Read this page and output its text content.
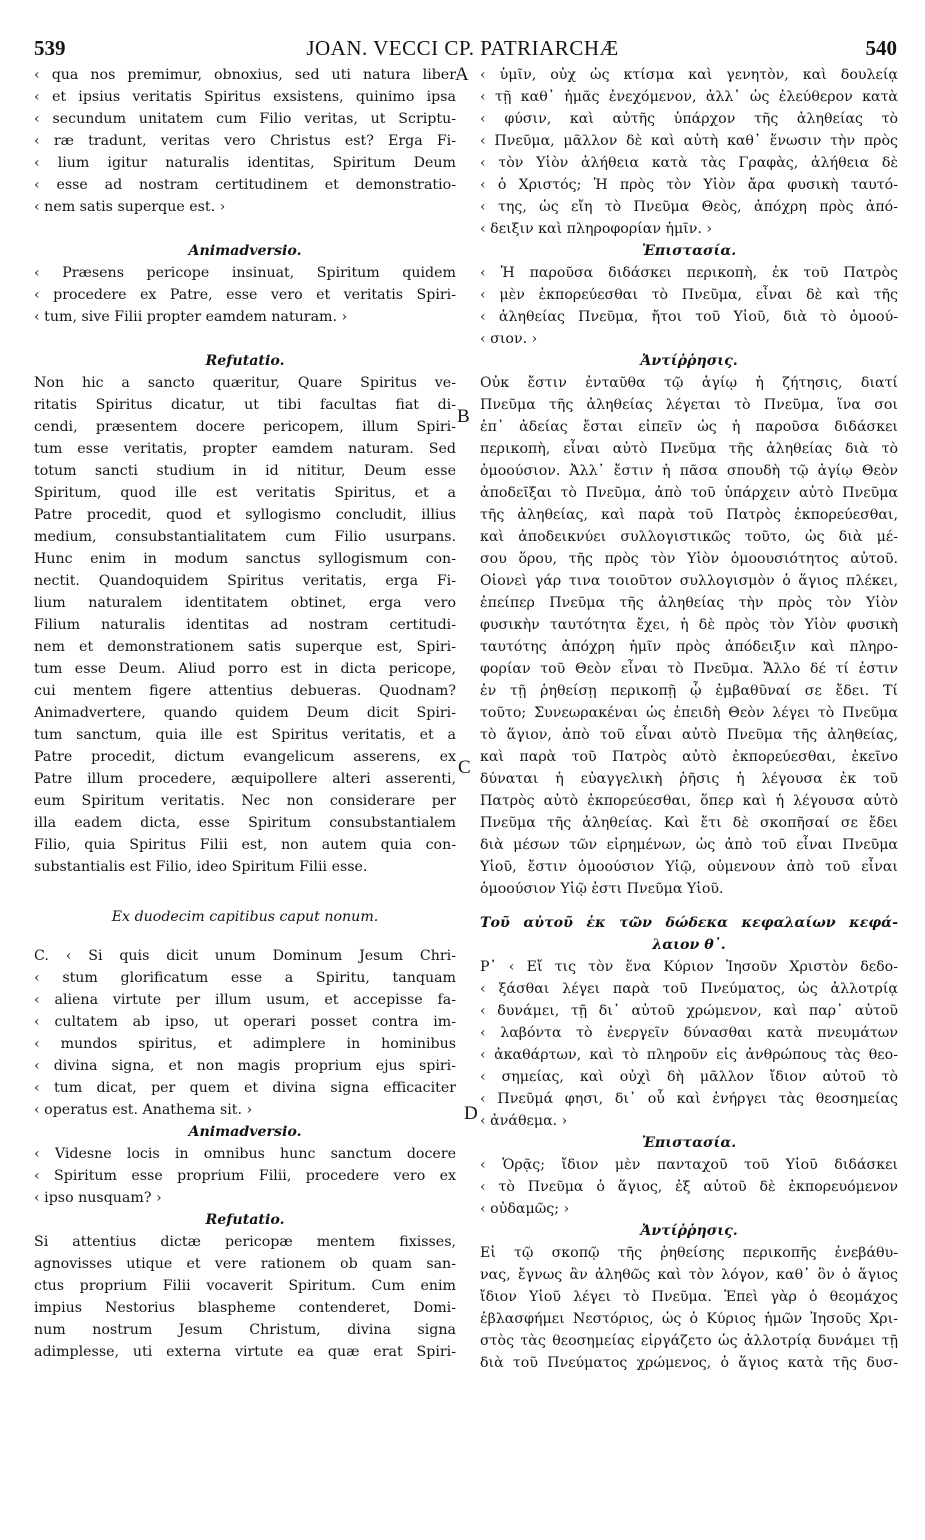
539	JOAN. VECCI CP. PATRIARCHÆ	540
A
B
C
D
‹ qua nos premimur, obnoxius, sed uti natura liber
‹ et ipsius veritatis Spiritus exsistens, quinimo ipsa
‹ secundum unitatem cum Filio veritas, ut Scriptu-
‹ ræ tradunt, veritas vero Christus est? Erga Fi-
‹ lium igitur naturalis identitas, Spiritum Deum
‹ esse ad nostram certitudinem et demonstratio-
‹ nem satis superque est. ›
Animadversio.
‹ Præsens pericope insinuat, Spiritum quidem
‹ procedere ex Patre, esse vero et veritatis Spiri-
‹ tum, sive Filii propter eamdem naturam. ›
Refutatio.
Non hic a sancto quæritur, Quare Spiritus ve-
ritatis Spiritus dicatur, ut tibi facultas fiat di-
cendi, præsentem docere pericopem, illum Spiri-
tum esse veritatis, propter eamdem naturam. Sed
totum sancti studium in id nititur, Deum esse
Spiritum, quod ille est veritatis Spiritus, et a
Patre procedit, quod et syllogismo concludit, illius
medium, consubstantialitatem cum Filio usurpans.
Hunc enim in modum sanctus syllogismum con-
nectit. Quandoquidem Spiritus veritatis, erga Fi-
lium naturalem identitatem obtinet, erga vero
Filium naturalis identitas ad nostram certitudi-
nem et demonstrationem satis superque est, Spiri-
tum esse Deum. Aliud porro est in dicta pericope,
cui mentem figere attentius debueras. Quodnam?
Animadvertere, quando quidem Deum dicit Spiri-
tum sanctum, quia ille est Spiritus veritatis, et a
Patre procedit, dictum evangelicum asserens, ex
Patre illum procedere, æquipollere alteri asserenti,
eum Spiritum veritatis. Nec non considerare per
illa eadem dicta, esse Spiritum consubstantialem
Filio, quia Spiritus Filii est, non autem quia con-
substantialis est Filio, ideo Spiritum Filii esse.
Ex duodecim capitibus caput nonum.
C. ‹ Si quis dicit unum Dominum Jesum Chri-
‹ stum glorificatum esse a Spiritu, tanquam
‹ aliena virtute per illum usum, et accepisse fa-
‹ cultatem ab ipso, ut operari posset contra im-
‹ mundos spiritus, et adimplere in hominibus
‹ divina signa, et non magis proprium ejus spiri-
‹ tum dicat, per quem et divina signa efficaciter
‹ operatus est. Anathema sit. ›
Animadversio.
‹ Videsne locis in omnibus hunc sanctum docere
‹ Spiritum esse proprium Filii, procedere vero ex
‹ ipso nusquam? ›
Refutatio.
Si attentius dictæ pericopæ mentem fixisses,
agnovisses utique et vere rationem ob quam san-
ctus proprium Filii vocaverit Spiritum. Cum enim
impius Nestorius blaspheme contenderet, Domi-
num nostrum Jesum Christum, divina signa
adimplesse, uti externa virtute ea quæ erat Spiri-
‹ ὑμῖν, οὐχ ὡς κτίσμα καὶ γενητὸν, καὶ δουλείᾳ
‹ τῇ καθ᾽ ἡμᾶς ἐνεχόμενον, ἀλλ᾽ ὡς ἐλεύθερον κατὰ
‹ φύσιν, καὶ αὐτῆς ὑπάρχον τῆς ἀληθείας τὸ
‹ Πνεῦμα, μᾶλλον δὲ καὶ αὐτὴ καθ᾽ ἕνωσιν τὴν πρὸς
‹ τὸν Υἱὸν ἀλήθεια κατὰ τὰς Γραφὰς, ἀλήθεια δὲ
‹ ὁ Χριστός; Ἡ πρὸς τὸν Υἱὸν ἄρα φυσικὴ ταυτό-
‹ της, ὡς εἴη τὸ Πνεῦμα Θεὸς, ἀπόχρη πρὸς ἀπό-
‹ δειξιν καὶ πληροφορίαν ἡμῖν. ›
Ἐπιστασία.
‹ Ἡ παροῦσα διδάσκει περικοπὴ, ἐκ τοῦ Πατρὸς
‹ μὲν ἐκπορεύεσθαι τὸ Πνεῦμα, εἶναι δὲ καὶ τῆς
‹ ἀληθείας Πνεῦμα, ἤτοι τοῦ Υἱοῦ, διὰ τὸ ὁμοού-
‹ σιον. ›
Ἀντίῤῥησις.
Οὐκ ἔστιν ἐνταῦθα τῷ ἁγίῳ ἡ ζήτησις, διατί
Πνεῦμα τῆς ἀληθείας λέγεται τὸ Πνεῦμα, ἵνα σοι
ἐπ᾽ ἀδείας ἔσται εἰπεῖν ὡς ἡ παροῦσα διδάσκει
περικοπὴ, εἶναι αὐτὸ Πνεῦμα τῆς ἀληθείας διὰ τὸ
ὁμοούσιον. Ἀλλ᾽ ἔστιν ἡ πᾶσα σπουδὴ τῷ ἁγίῳ Θεὸν
ἀποδεῖξαι τὸ Πνεῦμα, ἀπὸ τοῦ ὑπάρχειν αὐτὸ Πνεῦμα
τῆς ἀληθείας, καὶ παρὰ τοῦ Πατρὸς ἐκπορεύεσθαι,
καὶ ἀποδεικνύει συλλογιστικῶς τοῦτο, ὡς διὰ μέ-
σου ὅρου, τῆς πρὸς τὸν Υἱὸν ὁμοουσιότητος αὐτοῦ.
Οἱονεὶ γάρ τινα τοιοῦτον συλλογισμὸν ὁ ἅγιος πλέκει,
ἐπείπερ Πνεῦμα τῆς ἀληθείας τὴν πρὸς τὸν Υἱὸν
φυσικὴν ταυτότητα ἔχει, ἡ δὲ πρὸς τὸν Υἱὸν φυσικὴ
ταυτότης ἀπόχρη ἡμῖν πρὸς ἀπόδειξιν καὶ πληρο-
φορίαν τοῦ Θεὸν εἶναι τὸ Πνεῦμα. Ἄλλο δέ τί ἐστιν
ἐν τῇ ῥηθείσῃ περικοπῇ ᾧ ἐμβαθῦναί σε ἔδει. Τί
τοῦτο; Συνεωρακέναι ὡς ἐπειδὴ Θεὸν λέγει τὸ Πνεῦμα
τὸ ἅγιον, ἀπὸ τοῦ εἶναι αὐτὸ Πνεῦμα τῆς ἀληθείας,
καὶ παρὰ τοῦ Πατρὸς αὐτὸ ἐκπορεύεσθαι, ἐκεῖνο
δύναται ἡ εὐαγγελικὴ ῥῆσις ἡ λέγουσα ἐκ τοῦ
Πατρὸς αὐτὸ ἐκπορεύεσθαι, ὅπερ καὶ ἡ λέγουσα αὐτὸ
Πνεῦμα τῆς ἀληθείας. Καὶ ἔτι δὲ σκοπῆσαί σε ἔδει
διὰ μέσων τῶν εἰρημένων, ὡς ἀπὸ τοῦ εἶναι Πνεῦμα
Υἱοῦ, ἔστιν ὁμοούσιον Υἱῷ, οὐμενουν ἀπὸ τοῦ εἶναι
ὁμοούσιον Υἱῷ ἐστι Πνεῦμα Υἱοῦ.
Τοῦ αὐτοῦ ἐκ τῶν δώδεκα κεφαλαίων κεφά-
λαιον θ᾽.
Ρ᾽ ‹ Εἴ τις τὸν ἕνα Κύριον Ἰησοῦν Χριστὸν δεδο-
‹ ξάσθαι λέγει παρὰ τοῦ Πνεύματος, ὡς ἀλλοτρίᾳ
‹ δυνάμει, τῇ δι᾽ αὐτοῦ χρώμενον, καὶ παρ᾽ αὐτοῦ
‹ λαβόντα τὸ ἐνεργεῖν δύνασθαι κατὰ πνευμάτων
‹ ἀκαθάρτων, καὶ τὸ πληροῦν εἰς ἀνθρώπους τὰς θεο-
‹ σημείας, καὶ οὐχὶ δὴ μᾶλλον ἴδιον αὐτοῦ τὸ
‹ Πνεῦμά φησι, δι᾽ οὗ καὶ ἐνήργει τὰς θεοσημείας
‹ ἀνάθεμα. ›
Ἐπιστασία.
‹ Ὁρᾷς; ἴδιον μὲν πανταχοῦ τοῦ Υἱοῦ διδάσκει
‹ τὸ Πνεῦμα ὁ ἅγιος, ἐξ αὐτοῦ δὲ ἐκπορευόμενον
‹ οὐδαμῶς; ›
Ἀντίῤῥησις.
Εἰ τῷ σκοπῷ τῆς ῥηθείσης περικοπῆς ἐνεβάθυ-
νας, ἔγνως ἂν ἀληθῶς καὶ τὸν λόγον, καθ᾽ ὃν ὁ ἅγιος
ἴδιον Υἱοῦ λέγει τὸ Πνεῦμα. Ἐπεὶ γὰρ ὁ θεομάχος
ἐβλασφήμει Νεστόριος, ὡς ὁ Κύριος ἡμῶν Ἰησοῦς Χρι-
στὸς τὰς θεοσημείας εἰργάζετο ὡς ἀλλοτρίᾳ δυνάμει τῇ
διὰ τοῦ Πνεύματος χρώμενος, ὁ ἅγιος κατὰ τῆς δυσ-
